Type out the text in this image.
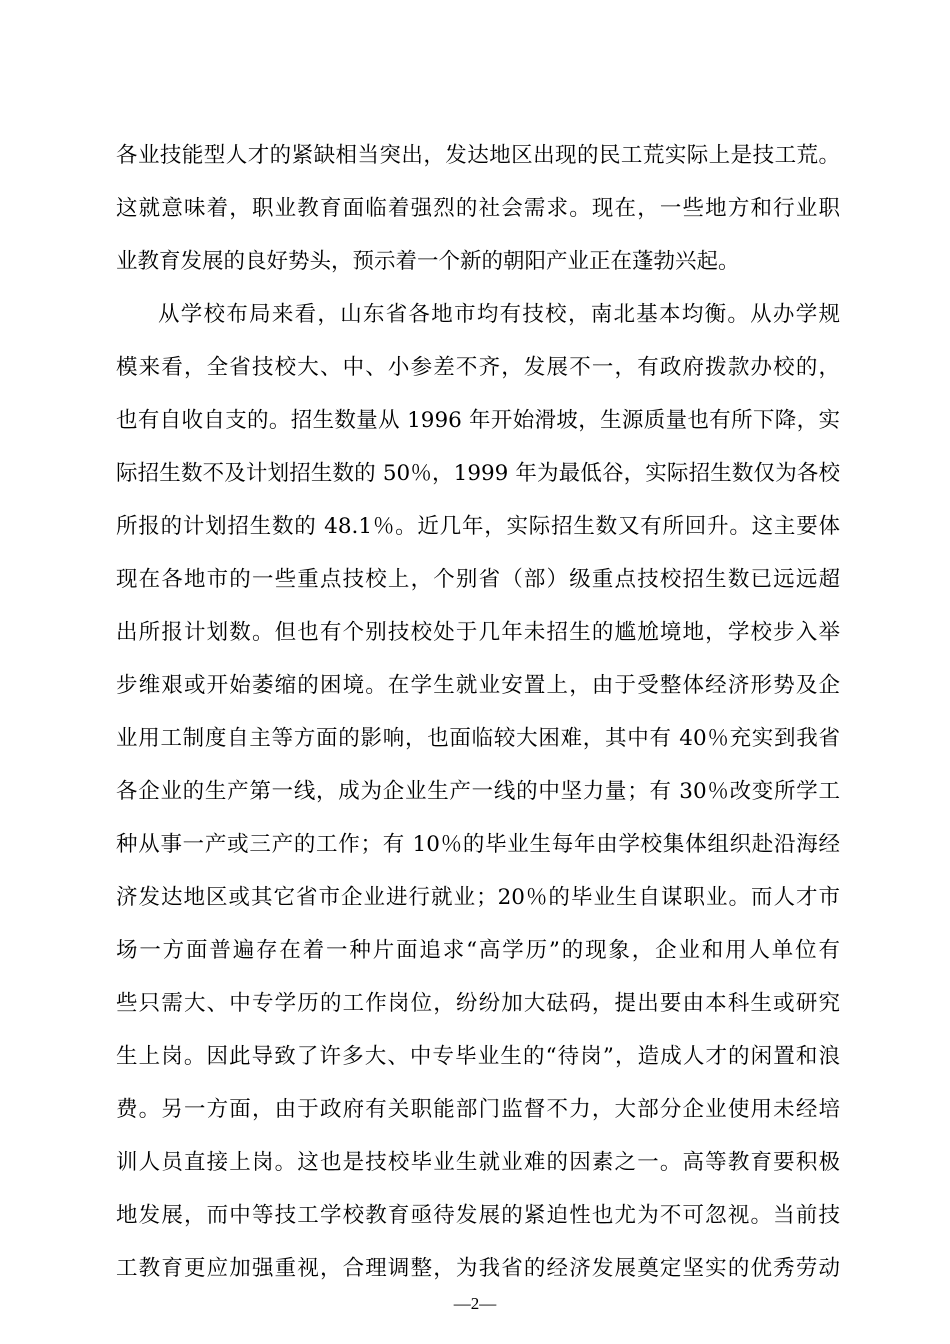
各业技能型人才的紧缺相当突出，发达地区出现的民工荒实际上是技工荒。

这就意味着，职业教育面临着强烈的社会需求。现在，一些地方和行业职

业教育发展的良好势头，预示着一个新的朝阳产业正在蓬勃兴起。

从学校布局来看，山东省各地市均有技校，南北基本均衡。从办学规

模来看，全省技校大、中、小参差不齐，发展不一，有政府拨款办校的，

也有自收自支的。招生数量从 1996 年开始滑坡，生源质量也有所下降，实

际招生数不及计划招生数的 50％，1999 年为最低谷，实际招生数仅为各校

所报的计划招生数的 48.1％。近几年，实际招生数又有所回升。这主要体

现在各地市的一些重点技校上，个别省（部）级重点技校招生数已远远超

出所报计划数。但也有个别技校处于几年未招生的尴尬境地，学校步入举

步维艰或开始萎缩的困境。在学生就业安置上，由于受整体经济形势及企

业用工制度自主等方面的影响，也面临较大困难，其中有 40％充实到我省

各企业的生产第一线，成为企业生产一线的中坚力量；有 30％改变所学工

种从事一产或三产的工作；有 10％的毕业生每年由学校集体组织赴沿海经

济发达地区或其它省市企业进行就业；20％的毕业生自谋职业。而人才市

场一方面普遍存在着一种片面追求“高学历”的现象，企业和用人单位有

些只需大、中专学历的工作岗位，纷纷加大砝码，提出要由本科生或研究

生上岗。因此导致了许多大、中专毕业生的“待岗”，造成人才的闲置和浪

费。另一方面，由于政府有关职能部门监督不力，大部分企业使用未经培

训人员直接上岗。这也是技校毕业生就业难的因素之一。高等教育要积极

地发展，而中等技工学校教育亟待发展的紧迫性也尤为不可忽视。当前技

工教育更应加强重视，合理调整，为我省的经济发展奠定坚实的优秀劳动

—2—
